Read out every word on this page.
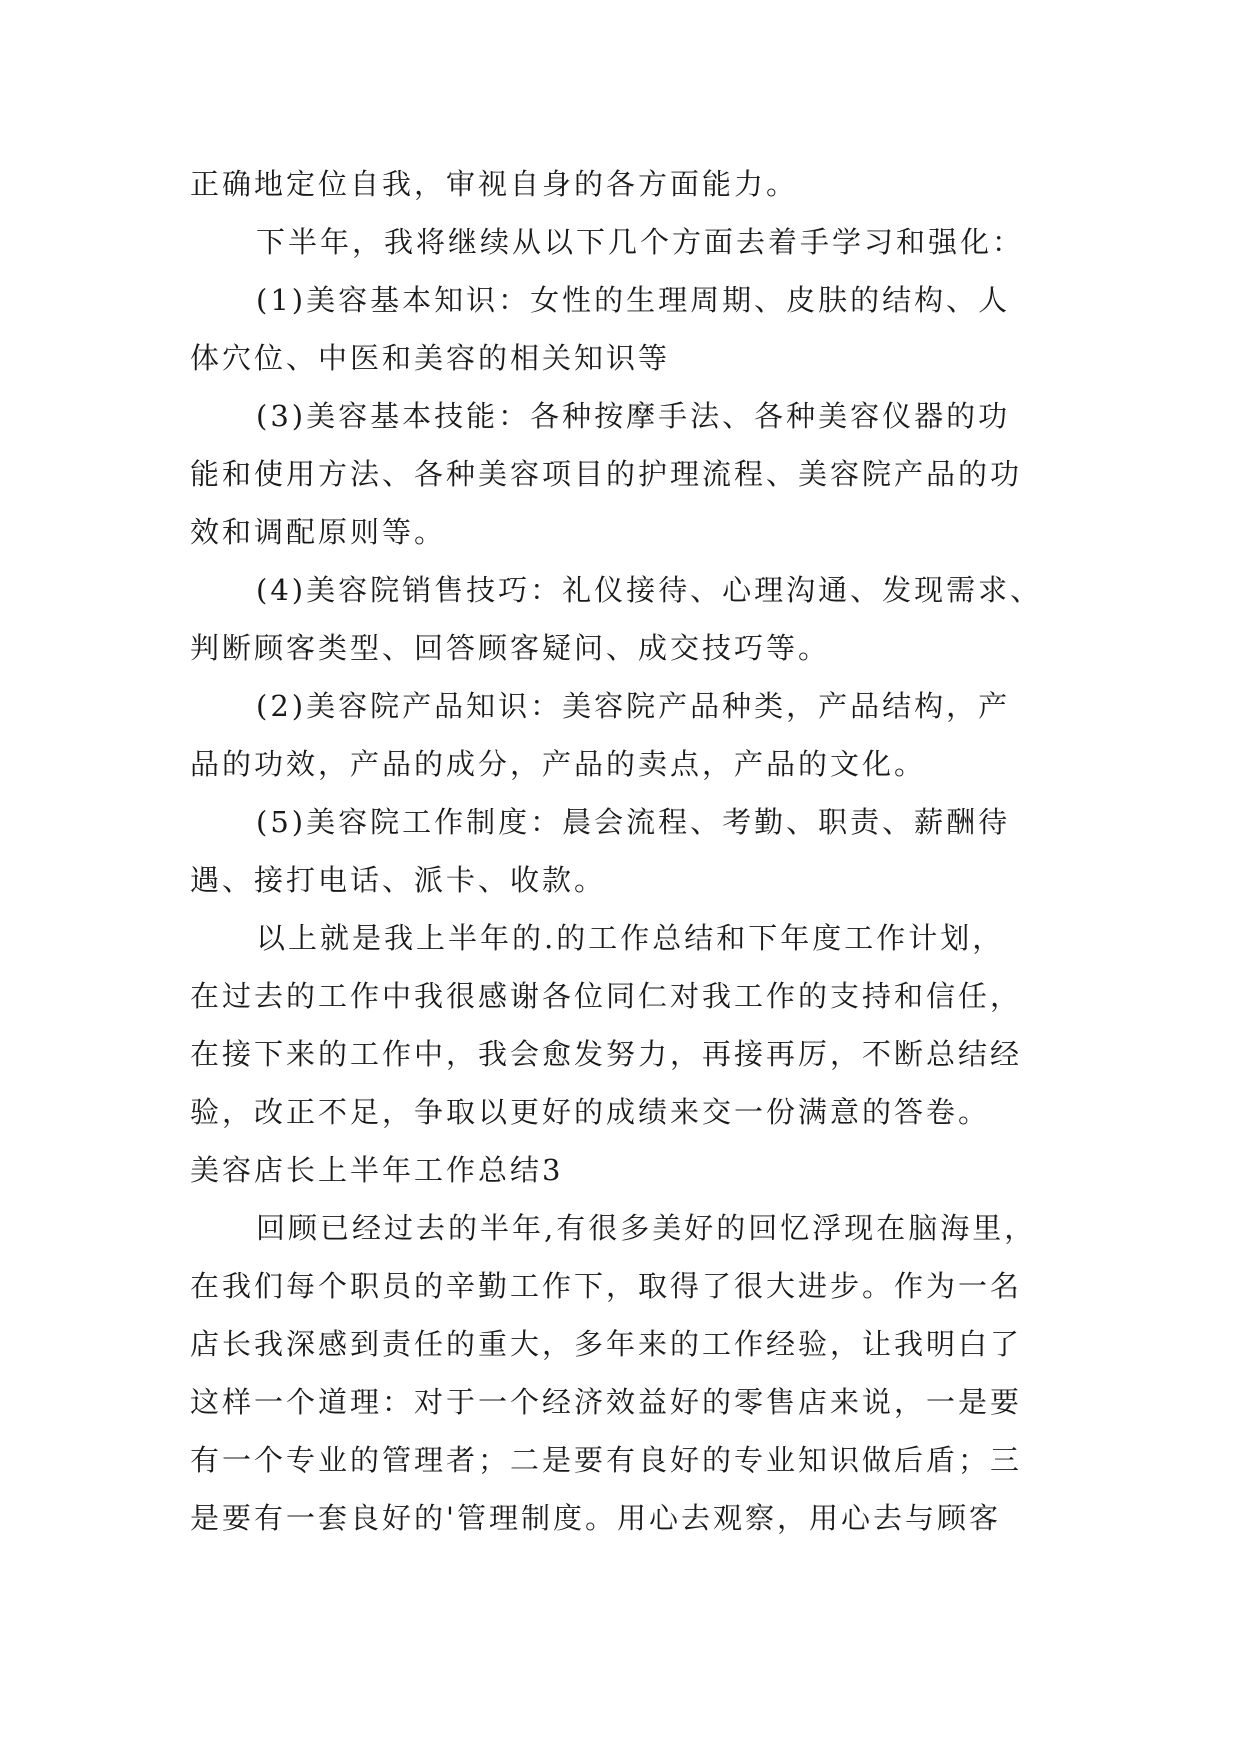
正确地定位自我，审视自身的各方面能力。
下半年，我将继续从以下几个方面去着手学习和强化：
(1)美容基本知识：女性的生理周期、皮肤的结构、人
体穴位、中医和美容的相关知识等
(3)美容基本技能：各种按摩手法、各种美容仪器的功
能和使用方法、各种美容项目的护理流程、美容院产品的功
效和调配原则等。
(4)美容院销售技巧：礼仪接待、心理沟通、发现需求、
判断顾客类型、回答顾客疑问、成交技巧等。
(2)美容院产品知识：美容院产品种类，产品结构，产
品的功效，产品的成分，产品的卖点，产品的文化。
(5)美容院工作制度：晨会流程、考勤、职责、薪酬待
遇、接打电话、派卡、收款。
以上就是我上半年的.的工作总结和下年度工作计划，
在过去的工作中我很感谢各位同仁对我工作的支持和信任，
在接下来的工作中，我会愈发努力，再接再厉，不断总结经
验，改正不足，争取以更好的成绩来交一份满意的答卷。
美容店长上半年工作总结3
回顾已经过去的半年,有很多美好的回忆浮现在脑海里，
在我们每个职员的辛勤工作下，取得了很大进步。作为一名
店长我深感到责任的重大，多年来的工作经验，让我明白了
这样一个道理：对于一个经济效益好的零售店来说，一是要
有一个专业的管理者；二是要有良好的专业知识做后盾；三
是要有一套良好的'管理制度。用心去观察，用心去与顾客
